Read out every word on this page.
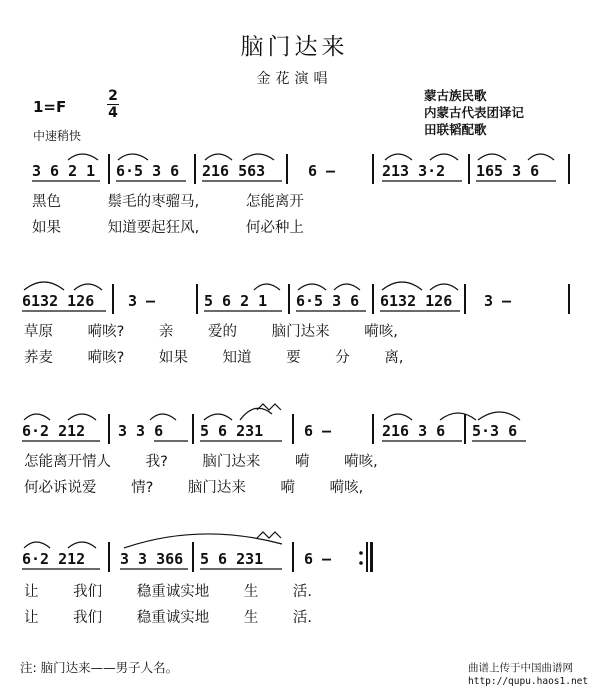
脑门达来
金花演唱
1=F
2
4
中速稍快
蒙古族民歌
内蒙古代表团译记
田联韬配歌
3 6 2 1 6·5 3 6 216 563	6 –	213 3·2 165 3 6
黑色 鬃毛的枣骝马, 怎能离开
如果 知道要起狂风, 何必种上
6132 126 3 –	5 6 2 1 6·5 3 6 6132 126 3 –
草原 嗬咳? 亲 爱的 脑门达来 嗬咳,
荞麦 嗬咳? 如果 知道 要 分 离,
6·2 212 3 3 6 5 6 231	6 –	216 3 6 5·3 6
怎能离开情人 我? 脑门达来 嗬 嗬咳,
何必诉说爱 情? 脑门达来 嗬 嗬咳,
6·2 212 3 3 366 5 6 231	6 –
让 我们 稳重诚实地 生 活.
让 我们 稳重诚实地 生 活.
注: 脑门达来——男子人名。	曲谱上传于中国曲谱网
http://qupu.haos1.net
